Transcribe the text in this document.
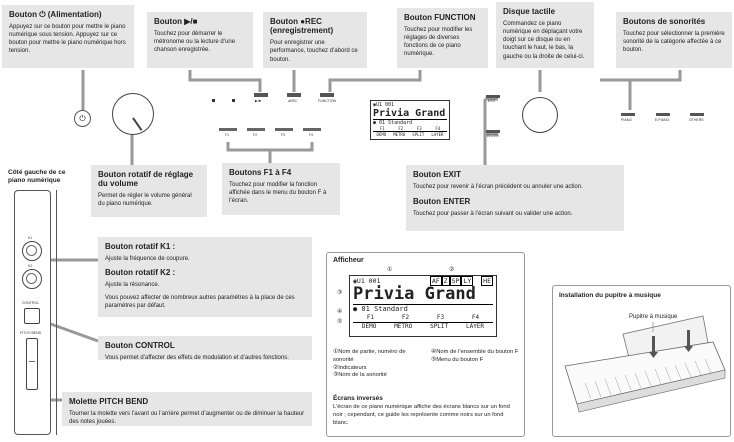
Bouton ⏻ (Alimentation)

Appuyez sur ce bouton pour mettre le piano numérique sous tension. Appuyez sur ce bouton pour mettre le piano numérique hors tension.

Bouton ▶/■

Touchez pour démarrer le métronome ou la lecture d’une chanson enregistrée.

Bouton ●REC (enregistrement)

Pour enregistrer une performance, touchez d’abord ce bouton.

Bouton FUNCTION

Touchez pour modifier les réglages de diverses fonctions de ce piano numérique.

Disque tactile

Commandez ce piano numérique en déplaçant votre doigt sur ce disque ou en touchant le haut, le bas, la gauche ou la droite de celui-ci.

Boutons de sonorités

Touchez pour sélectionner la première sonorité de la catégorie affectée à ce bouton.

⏻
▶/■	●REC	FUNCTION
F1	F2	F3	F4
◉U1 001
Privia Grand
● 01 Standard
F1	F2	F3	F4
DEMO METRO SPLIT LAYER
EXIT
ENTER
PIANO	E.PIANO	OTHERS
Bouton rotatif de réglage du volume

Permet de régler le volume général du piano numérique.

Boutons F1 à F4

Touchez pour modifier la fonction affichée dans le menu du bouton F à l’écran.

Bouton EXIT

Touchez pour revenir à l’écran précédent ou annuler une action.

Bouton ENTER

Touchez pour passer à l’écran suivant ou valider une action.

Côté gauche de ce piano numérique
K1
K2
CONTROL
PITCH BEND
Bouton rotatif K1 :

Ajuste la fréquence de coupure.

Bouton rotatif K2 :

Ajuste la résonance.

Vous pouvez affecter de nombreux autres paramètres à la place de ces paramètres par défaut.

Bouton CONTROL

Vous permet d’affecter des effets de modulation et d’autres fonctions.

Molette PITCH BEND

Tourner la molette vers l’avant ou l’arrière permet d’augmenter ou de diminuer la hauteur des notes jouées.

Afficheur
①	②
③
④
⑤
◉U1 001	AF Z SP LY HE
Privia Grand
● 01 Standard
F1	F2	F3	F4
DEMO	METRO	SPLIT	LAYER
①Nom de partie, numéro de sonorité
②Indicateurs
③Nom de la sonorité
④Nom de l’ensemble du bouton F
⑤Menu du bouton F
Écrans inversés
L’écran de ce piano numérique affiche des écrans blancs sur un fond noir ; cependant, ce guide les représente comme noirs sur un fond blanc.
Installation du pupitre à musique
Pupitre à musique
